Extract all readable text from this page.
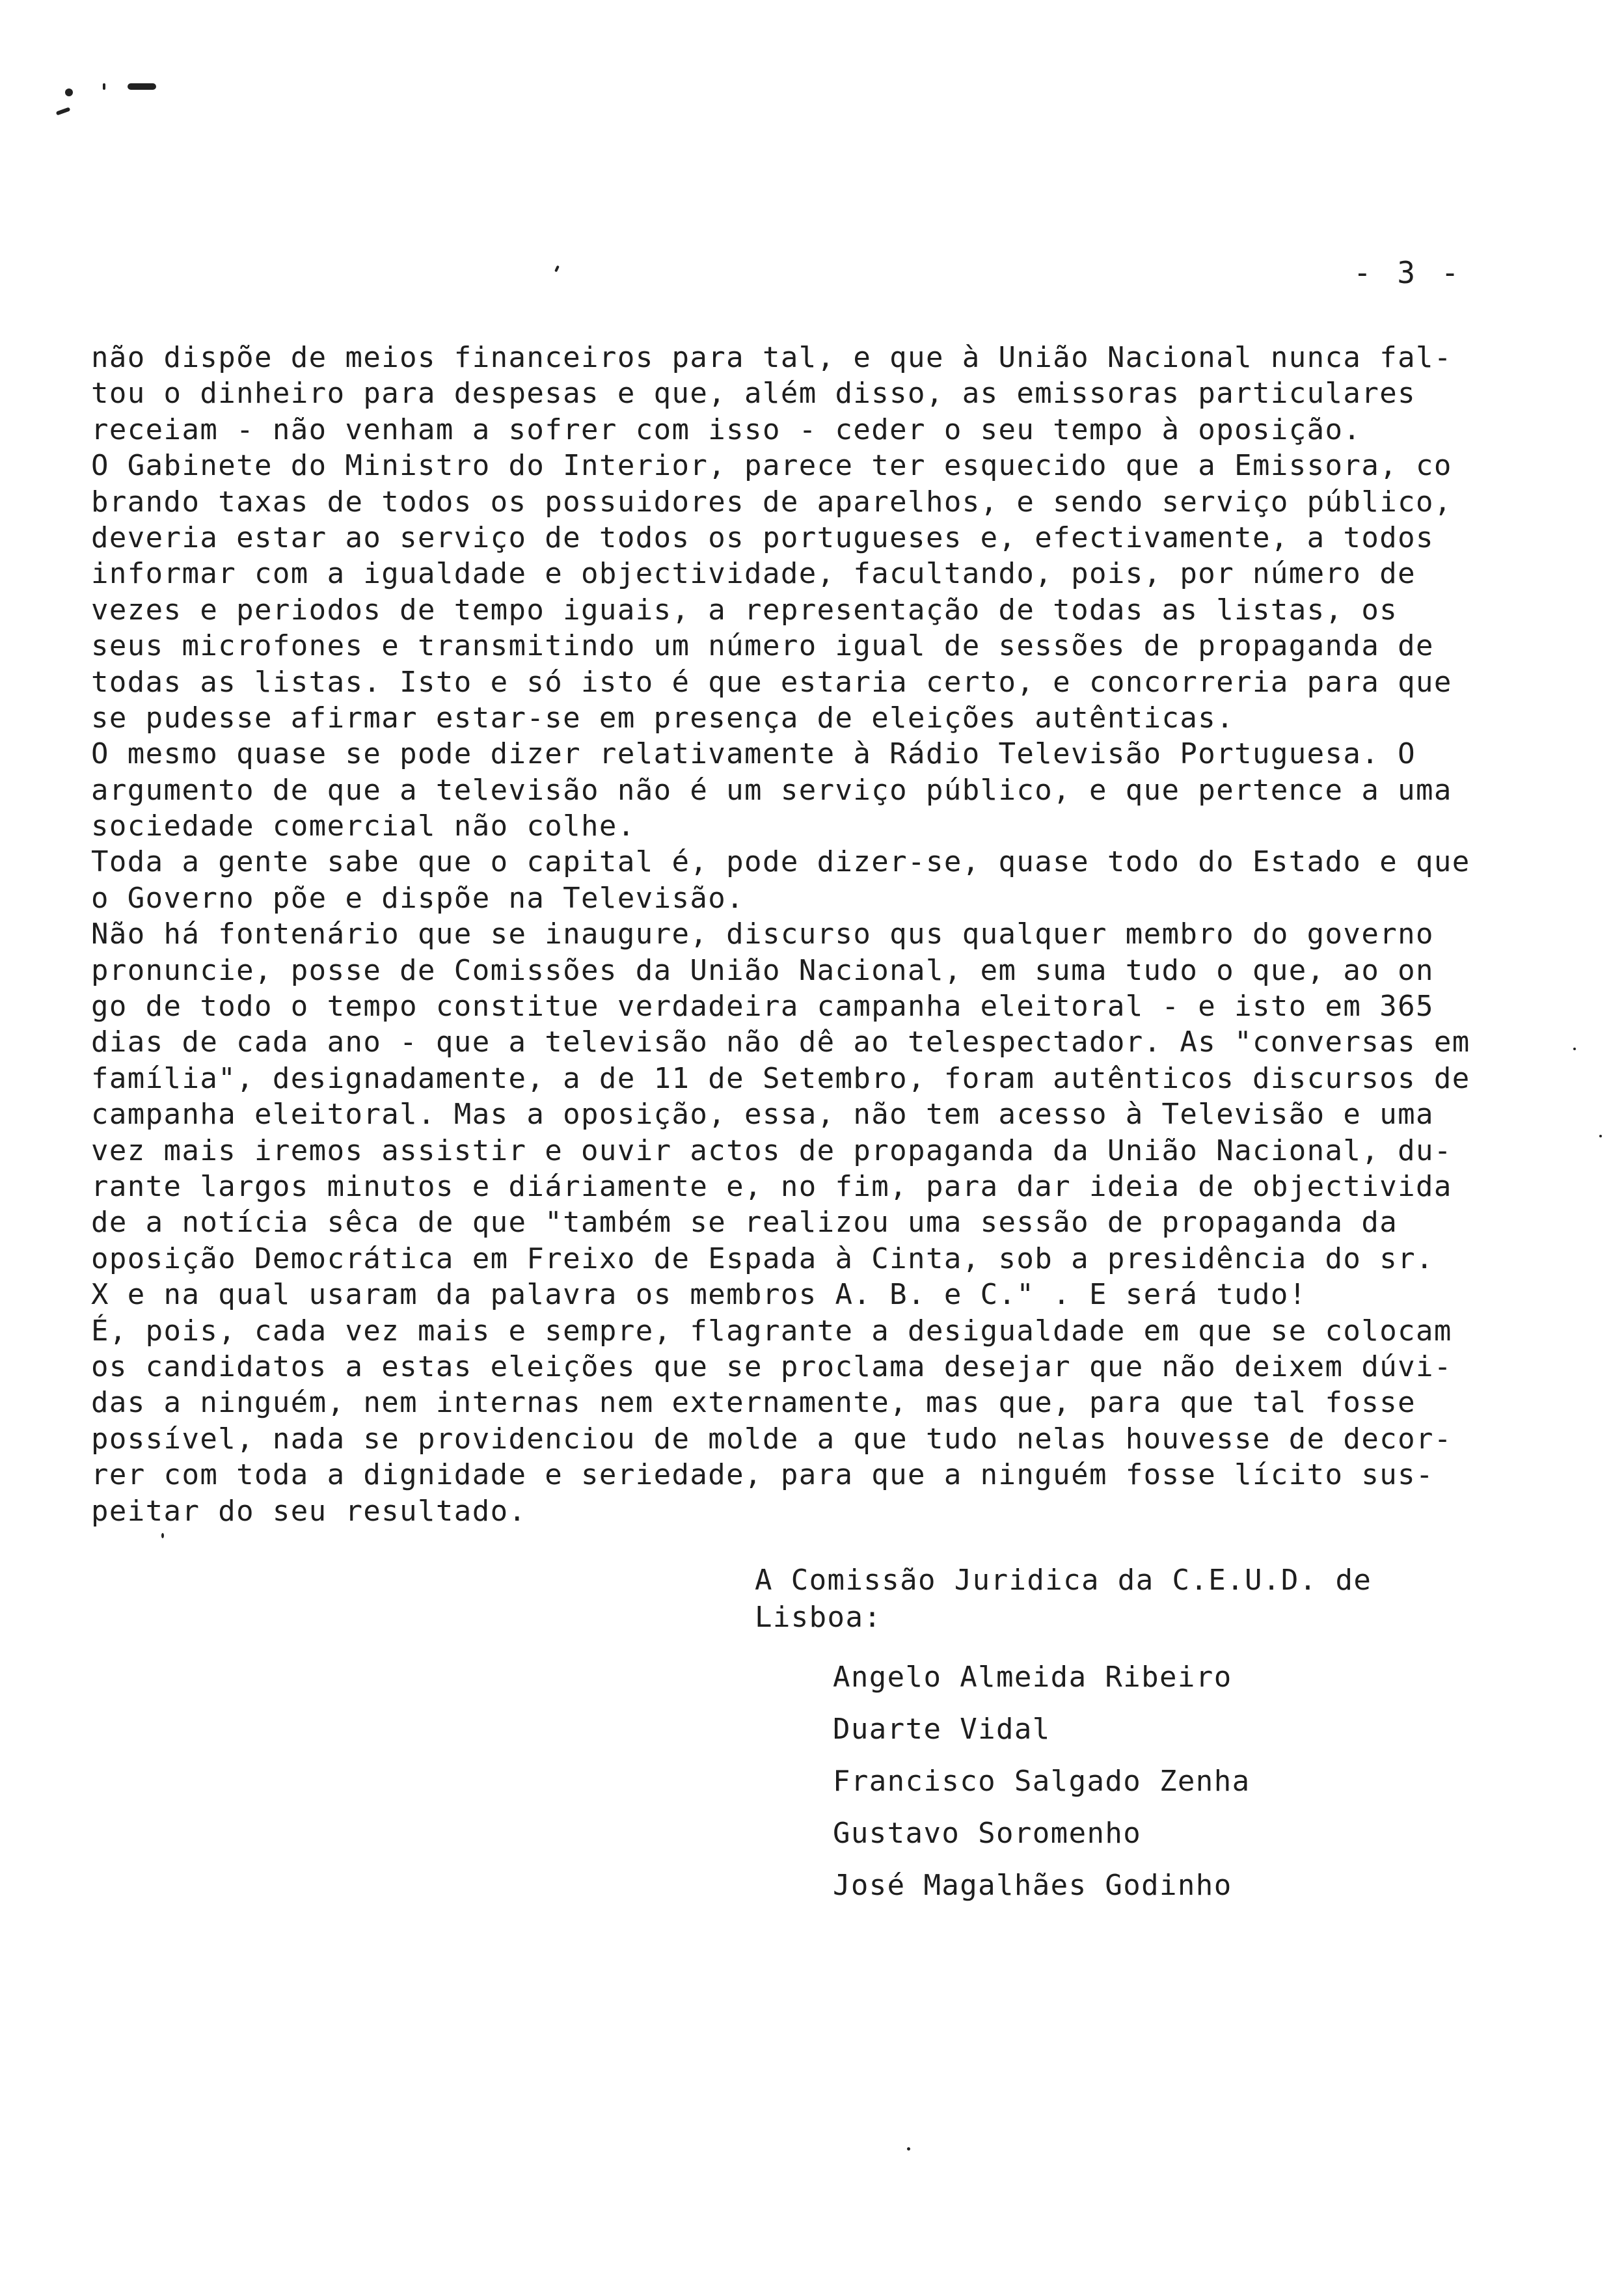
- 3 -
não dispõe de meios financeiros para tal, e que à União Nacional nunca fal-
tou o dinheiro para despesas e que, além disso, as emissoras particulares
receiam - não venham a sofrer com isso - ceder o seu tempo à oposição.
O Gabinete do Ministro do Interior, parece ter esquecido que a Emissora, co
brando taxas de todos os possuidores de aparelhos, e sendo serviço público,
deveria estar ao serviço de todos os portugueses e, efectivamente, a todos
informar com a igualdade e objectividade, facultando, pois, por número de
vezes e periodos de tempo iguais, a representação de todas as listas, os
seus microfones e transmitindo um número igual de sessões de propaganda de
todas as listas. Isto e só isto é que estaria certo, e concorreria para que
se pudesse afirmar estar-se em presença de eleições autênticas.
O mesmo quase se pode dizer relativamente à Rádio Televisão Portuguesa. O
argumento de que a televisão não é um serviço público, e que pertence a uma
sociedade comercial não colhe.
Toda a gente sabe que o capital é, pode dizer-se, quase todo do Estado e que
o Governo põe e dispõe na Televisão.
Não há fontenário que se inaugure, discurso qus qualquer membro do governo
pronuncie, posse de Comissões da União Nacional, em suma tudo o que, ao on
go de todo o tempo constitue verdadeira campanha eleitoral - e isto em 365
dias de cada ano - que a televisão não dê ao telespectador. As "conversas em
família", designadamente, a de 11 de Setembro, foram autênticos discursos de
campanha eleitoral. Mas a oposição, essa, não tem acesso à Televisão e uma
vez mais iremos assistir e ouvir actos de propaganda da União Nacional, du-
rante largos minutos e diáriamente e, no fim, para dar ideia de objectivida
de a notícia sêca de que "também se realizou uma sessão de propaganda da
oposição Democrática em Freixo de Espada à Cinta, sob a presidência do sr.
X e na qual usaram da palavra os membros A. B. e C." . E será tudo!
É, pois, cada vez mais e sempre, flagrante a desigualdade em que se colocam
os candidatos a estas eleições que se proclama desejar que não deixem dúvi-
das a ninguém, nem internas nem externamente, mas que, para que tal fosse
possível, nada se providenciou de molde a que tudo nelas houvesse de decor-
rer com toda a dignidade e seriedade, para que a ninguém fosse lícito sus-
peitar do seu resultado.
A Comissão Juridica da C.E.U.D. de
Lisboa:
Angelo Almeida Ribeiro
Duarte Vidal
Francisco Salgado Zenha
Gustavo Soromenho
José Magalhães Godinho
